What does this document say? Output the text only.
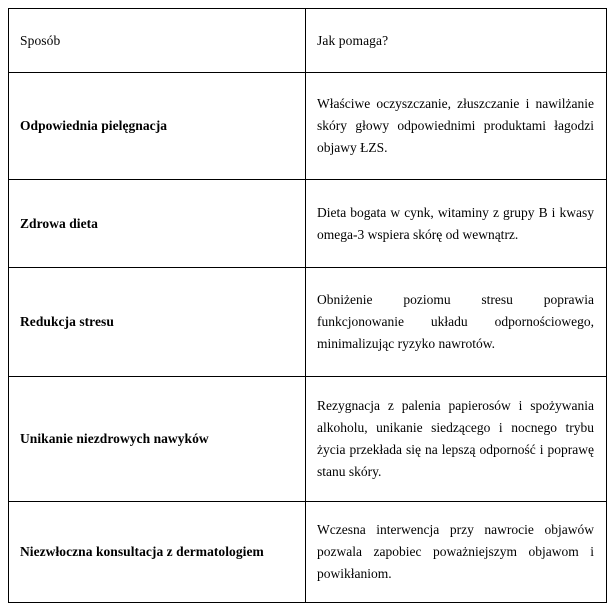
Sposób	Jak pomaga?

Odpowiednia pielęgnacja	Właściwe oczyszczanie, złuszczanie i nawilżanie skóry głowy odpowiednimi produktami łagodzi objawy ŁZS.

Zdrowa dieta	Dieta bogata w cynk, witaminy z grupy B i kwasy omega-3 wspiera skórę od wewnątrz.

Redukcja stresu	Obniżenie poziomu stresu poprawia funkcjonowanie układu odpornościowego, minimalizując ryzyko nawrotów.

Unikanie niezdrowych nawyków	Rezygnacja z palenia papierosów i spożywania alkoholu, unikanie siedzącego i nocnego trybu życia przekłada się na lepszą odporność i poprawę stanu skóry.

Niezwłoczna konsultacja z dermatologiem	Wczesna interwencja przy nawrocie objawów pozwala zapobiec poważniejszym objawom i powikłaniom.
